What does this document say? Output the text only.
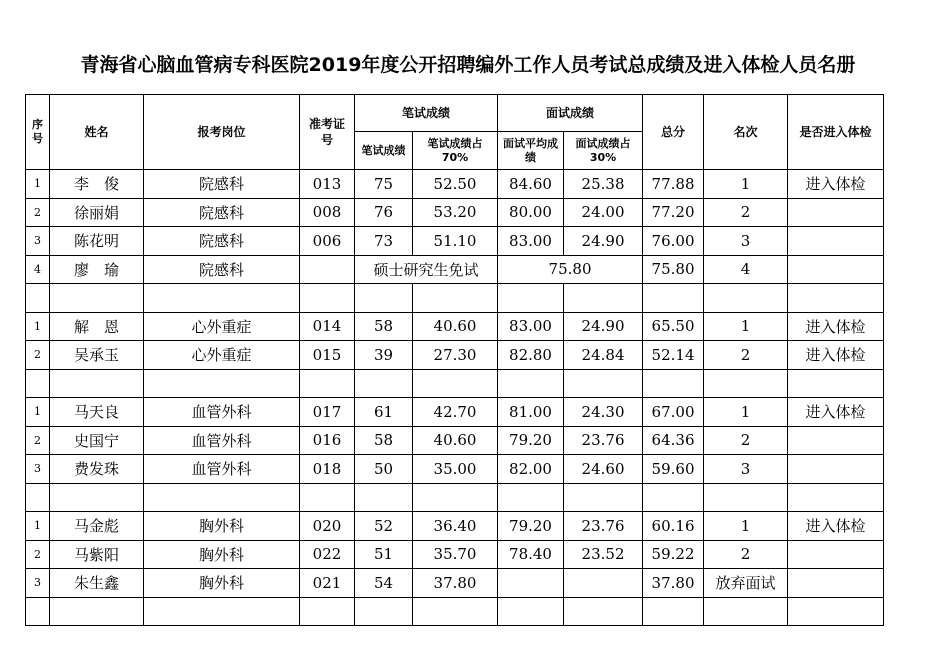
青海省心脑血管病专科医院2019年度公开招聘编外工作人员考试总成绩及进入体检人员名册
序号	姓名	报考岗位	准考证号	笔试成绩		面试成绩		总分	名次	是否进入体检
				笔试成绩	笔试成绩占70%	面试平均成绩	面试成绩占30%			
1	李　俊	院感科	013	75	52.50	84.60	25.38	77.88	1	进入体检
2	徐丽娟	院感科	008	76	53.20	80.00	24.00	77.20	2	
3	陈花明	院感科	006	73	51.10	83.00	24.90	76.00	3	
4	廖　瑜	院感科		硕士研究生免试		75.80		75.80	4	

1	解　恩	心外重症	014	58	40.60	83.00	24.90	65.50	1	进入体检
2	吴承玉	心外重症	015	39	27.30	82.80	24.84	52.14	2	进入体检

1	马天良	血管外科	017	61	42.70	81.00	24.30	67.00	1	进入体检
2	史国宁	血管外科	016	58	40.60	79.20	23.76	64.36	2	
3	费发珠	血管外科	018	50	35.00	82.00	24.60	59.60	3	

1	马金彪	胸外科	020	52	36.40	79.20	23.76	60.16	1	进入体检
2	马紫阳	胸外科	022	51	35.70	78.40	23.52	59.22	2	
3	朱生鑫	胸外科	021	54	37.80			37.80	放弃面试	
